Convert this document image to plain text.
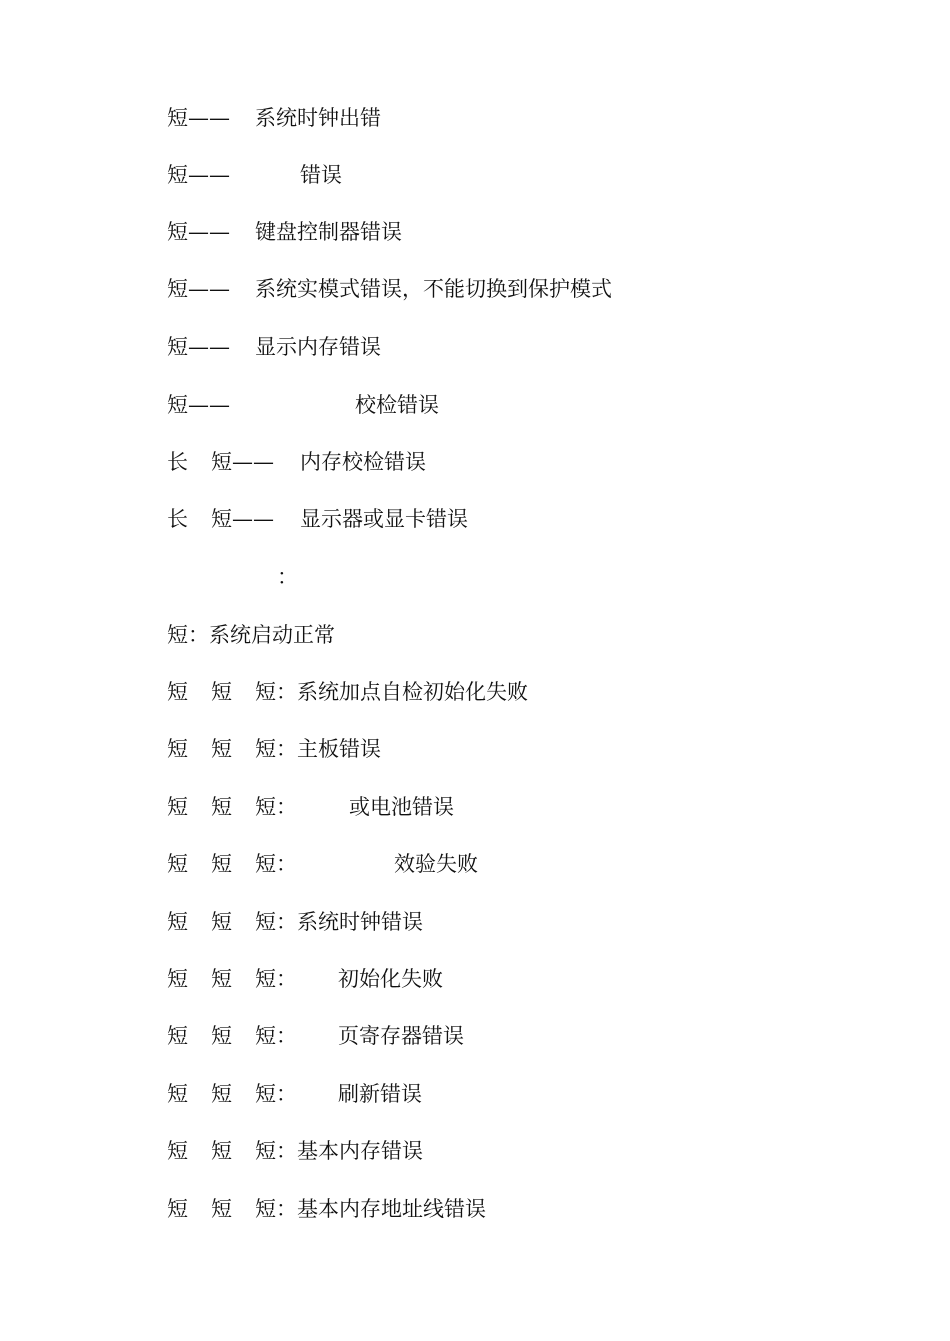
短—— 系统时钟出错
短——	错误
短—— 键盘控制器错误
短—— 系统实模式错误，不能切换到保护模式
短—— 显示内存错误
短——	校检错误
长 短—— 内存校检错误
长 短—— 显示器或显卡错误
：
短：系统启动正常
短 短 短：系统加点自检初始化失败
短 短 短：主板错误
短 短 短： 或电池错误
短 短 短：	效验失败
短 短 短：系统时钟错误
短 短 短： 初始化失败
短 短 短： 页寄存器错误
短 短 短： 刷新错误
短 短 短：基本内存错误
短 短 短：基本内存地址线错误
